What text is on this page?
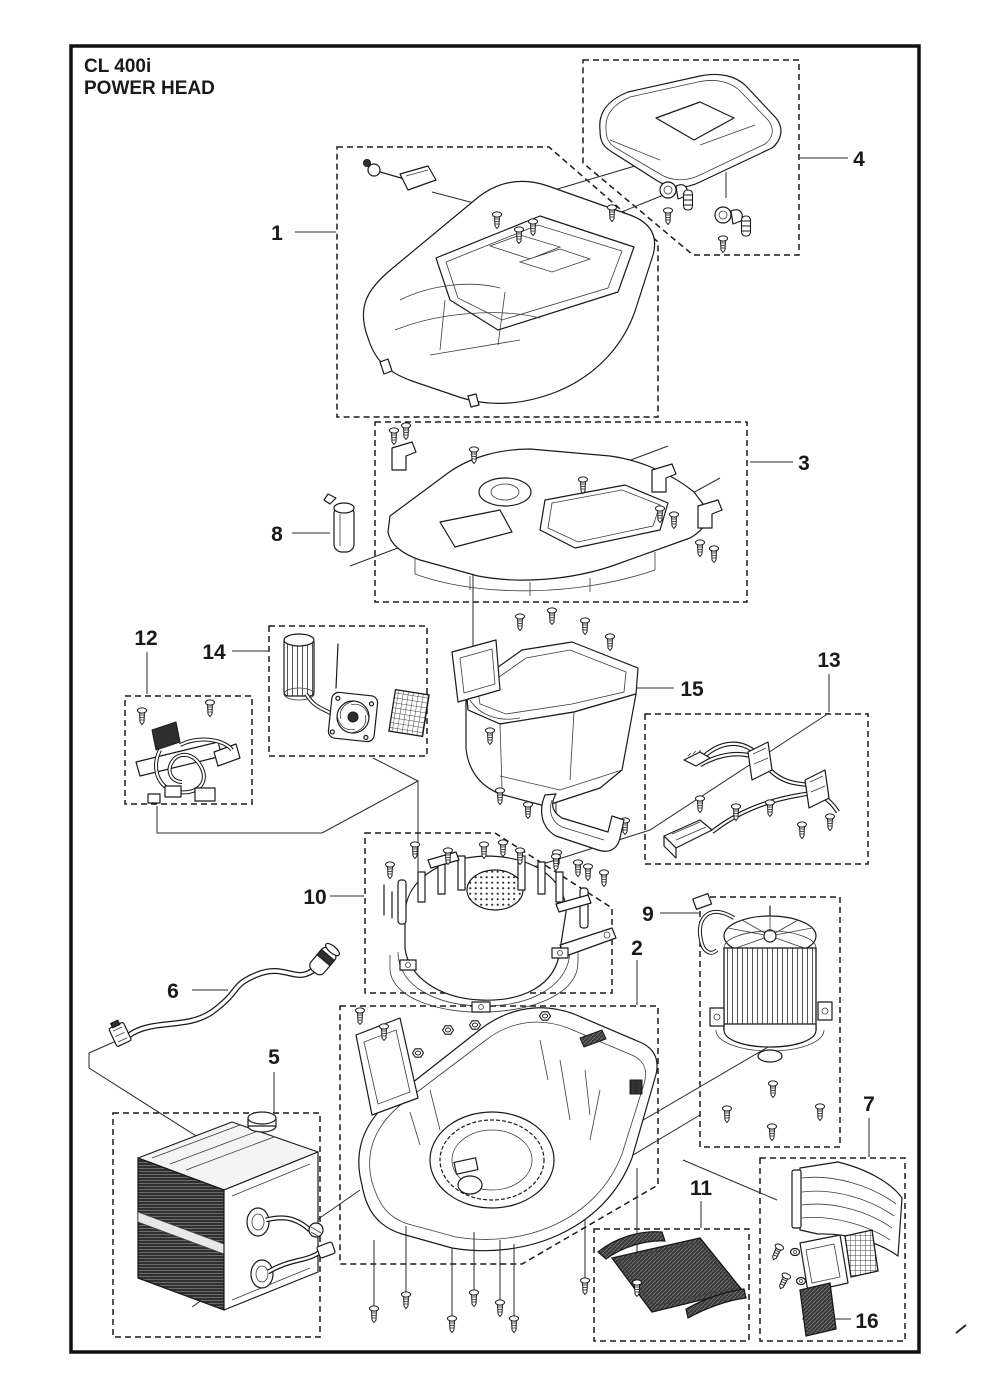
CL 400i
POWER HEAD
1
2
3
4
5
6
7
8
9
10
11
12
13
14
15
16
